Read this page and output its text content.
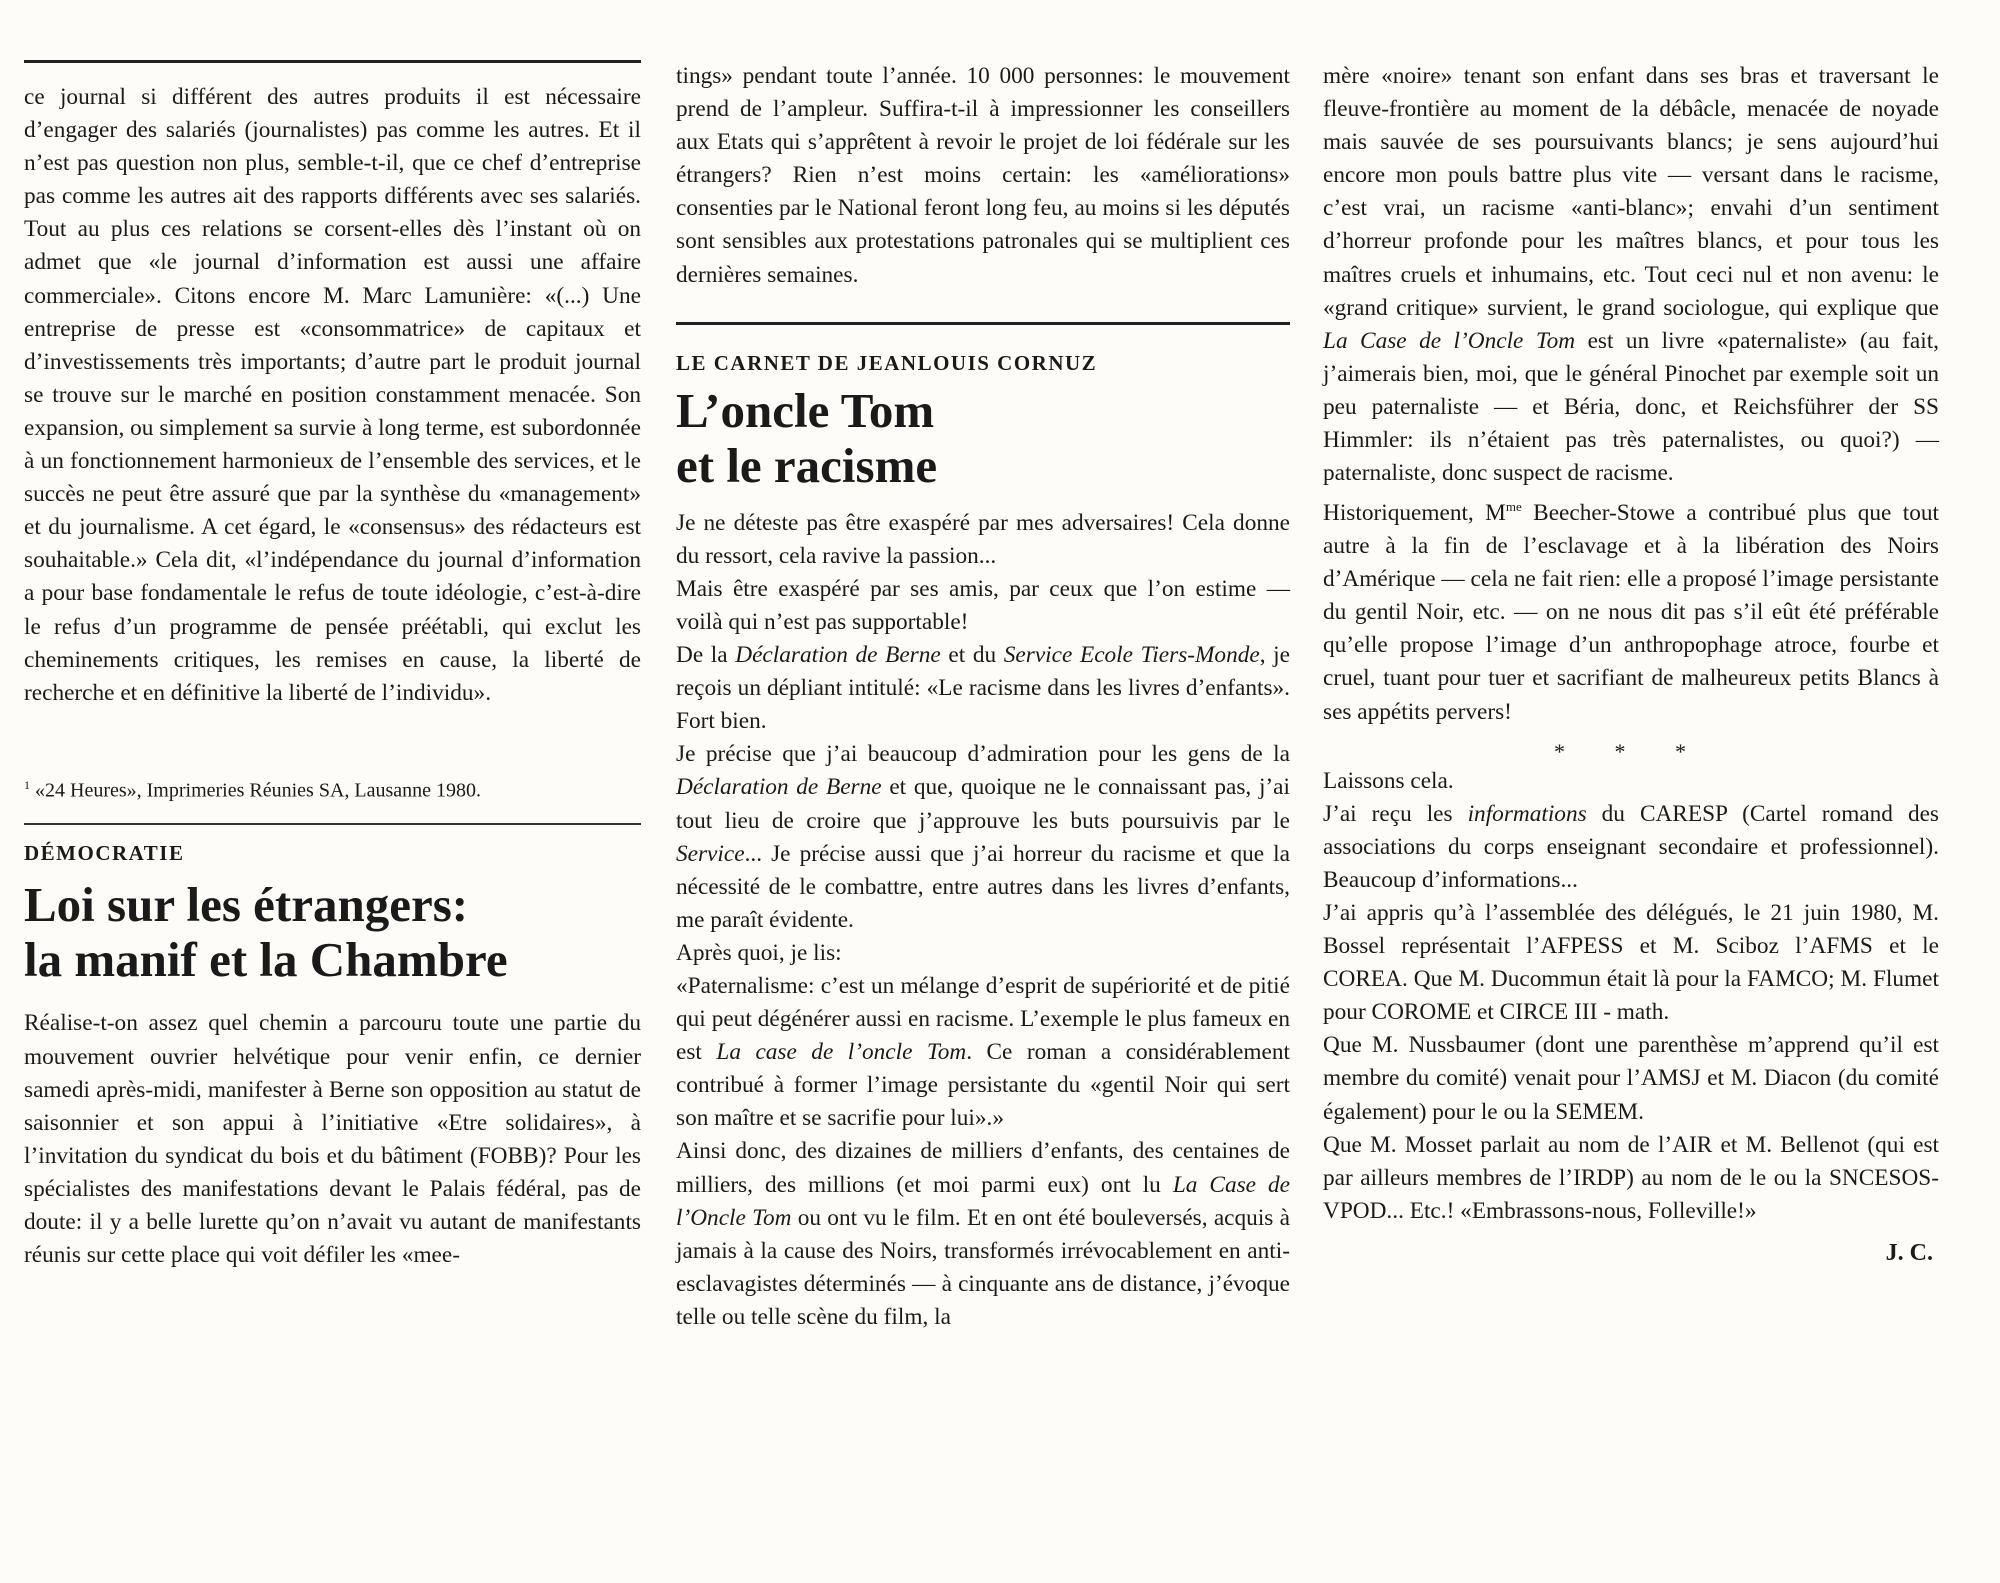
ce journal si différent des autres produits il est nécessaire d’engager des salariés (journalistes) pas comme les autres. Et il n’est pas question non plus, semble-t-il, que ce chef d’entreprise pas comme les autres ait des rapports différents avec ses salariés. Tout au plus ces relations se corsent-elles dès l’instant où on admet que «le journal d’information est aussi une affaire commerciale». Citons encore M. Marc Lamunière: «(...) Une entreprise de presse est «consommatrice» de capitaux et d’investissements très importants; d’autre part le produit journal se trouve sur le marché en position constamment menacée. Son expansion, ou simplement sa survie à long terme, est subordonnée à un fonctionnement harmonieux de l’ensemble des services, et le succès ne peut être assuré que par la synthèse du «management» et du journalisme. A cet égard, le «consensus» des rédacteurs est souhaitable.» Cela dit, «l’indépendance du journal d’information a pour base fondamentale le refus de toute idéologie, c’est-à-dire le refus d’un programme de pensée préétabli, qui exclut les cheminements critiques, les remises en cause, la liberté de recherche et en définitive la liberté de l’individu».

$^1$ «24 Heures», Imprimeries Réunies SA, Lausanne 1980.

DÉMOCRATIE

Loi sur les étrangers:
la manif et la Chambre

Réalise-t-on assez quel chemin a parcouru toute une partie du mouvement ouvrier helvétique pour venir enfin, ce dernier samedi après-midi, manifester à Berne son opposition au statut de saisonnier et son appui à l’initiative «Etre solidaires», à l’invitation du syndicat du bois et du bâtiment (FOBB)? Pour les spécialistes des manifestations devant le Palais fédéral, pas de doute: il y a belle lurette qu’on n’avait vu autant de manifestants réunis sur cette place qui voit défiler les «mee-

tings» pendant toute l’année. 10 000 personnes: le mouvement prend de l’ampleur. Suffira-t-il à impressionner les conseillers aux Etats qui s’apprêtent à revoir le projet de loi fédérale sur les étrangers? Rien n’est moins certain: les «améliorations» consenties par le National feront long feu, au moins si les députés sont sensibles aux protestations patronales qui se multiplient ces dernières semaines.

LE CARNET DE JEANLOUIS CORNUZ

L’oncle Tom
et le racisme

Je ne déteste pas être exaspéré par mes adversaires! Cela donne du ressort, cela ravive la passion...

Mais être exaspéré par ses amis, par ceux que l’on estime — voilà qui n’est pas supportable!

De la Déclaration de Berne et du Service Ecole Tiers-Monde, je reçois un dépliant intitulé: «Le racisme dans les livres d’enfants». Fort bien.

Je précise que j’ai beaucoup d’admiration pour les gens de la Déclaration de Berne et que, quoique ne le connaissant pas, j’ai tout lieu de croire que j’approuve les buts poursuivis par le Service... Je précise aussi que j’ai horreur du racisme et que la nécessité de le combattre, entre autres dans les livres d’enfants, me paraît évidente.

Après quoi, je lis:

«Paternalisme: c’est un mélange d’esprit de supériorité et de pitié qui peut dégénérer aussi en racisme. L’exemple le plus fameux en est La case de l’oncle Tom. Ce roman a considérablement contribué à former l’image persistante du «gentil Noir qui sert son maître et se sacrifie pour lui».»

Ainsi donc, des dizaines de milliers d’enfants, des centaines de milliers, des millions (et moi parmi eux) ont lu La Case de l’Oncle Tom ou ont vu le film. Et en ont été bouleversés, acquis à jamais à la cause des Noirs, transformés irrévocablement en anti-esclavagistes déterminés — à cinquante ans de distance, j’évoque telle ou telle scène du film, la

mère «noire» tenant son enfant dans ses bras et traversant le fleuve-frontière au moment de la débâcle, menacée de noyade mais sauvée de ses poursuivants blancs; je sens aujourd’hui encore mon pouls battre plus vite — versant dans le racisme, c’est vrai, un racisme «anti-blanc»; envahi d’un sentiment d’horreur profonde pour les maîtres blancs, et pour tous les maîtres cruels et inhumains, etc. Tout ceci nul et non avenu: le «grand critique» survient, le grand sociologue, qui explique que La Case de l’Oncle Tom est un livre «paternaliste» (au fait, j’aimerais bien, moi, que le général Pinochet par exemple soit un peu paternaliste — et Béria, donc, et Reichsführer der SS Himmler: ils n’étaient pas très paternalistes, ou quoi?) — paternaliste, donc suspect de racisme.

Historiquement, $M^{me}$ Beecher-Stowe a contribué plus que tout autre à la fin de l’esclavage et à la libération des Noirs d’Amérique — cela ne fait rien: elle a proposé l’image persistante du gentil Noir, etc. — on ne nous dit pas s’il eût été préférable qu’elle propose l’image d’un anthropophage atroce, fourbe et cruel, tuant pour tuer et sacrifiant de malheureux petits Blancs à ses appétits pervers!

* * *

Laissons cela.

J’ai reçu les informations du CARESP (Cartel romand des associations du corps enseignant secondaire et professionnel). Beaucoup d’informations...

J’ai appris qu’à l’assemblée des délégués, le 21 juin 1980, M. Bossel représentait l’AFPESS et M. Sciboz l’AFMS et le COREA. Que M. Ducommun était là pour la FAMCO; M. Flumet pour COROME et CIRCE III - math.

Que M. Nussbaumer (dont une parenthèse m’apprend qu’il est membre du comité) venait pour l’AMSJ et M. Diacon (du comité également) pour le ou la SEMEM.

Que M. Mosset parlait au nom de l’AIR et M. Bellenot (qui est par ailleurs membres de l’IRDP) au nom de le ou la SNCESOS-VPOD... Etc.! «Embrassons-nous, Folleville!»

J. C.
